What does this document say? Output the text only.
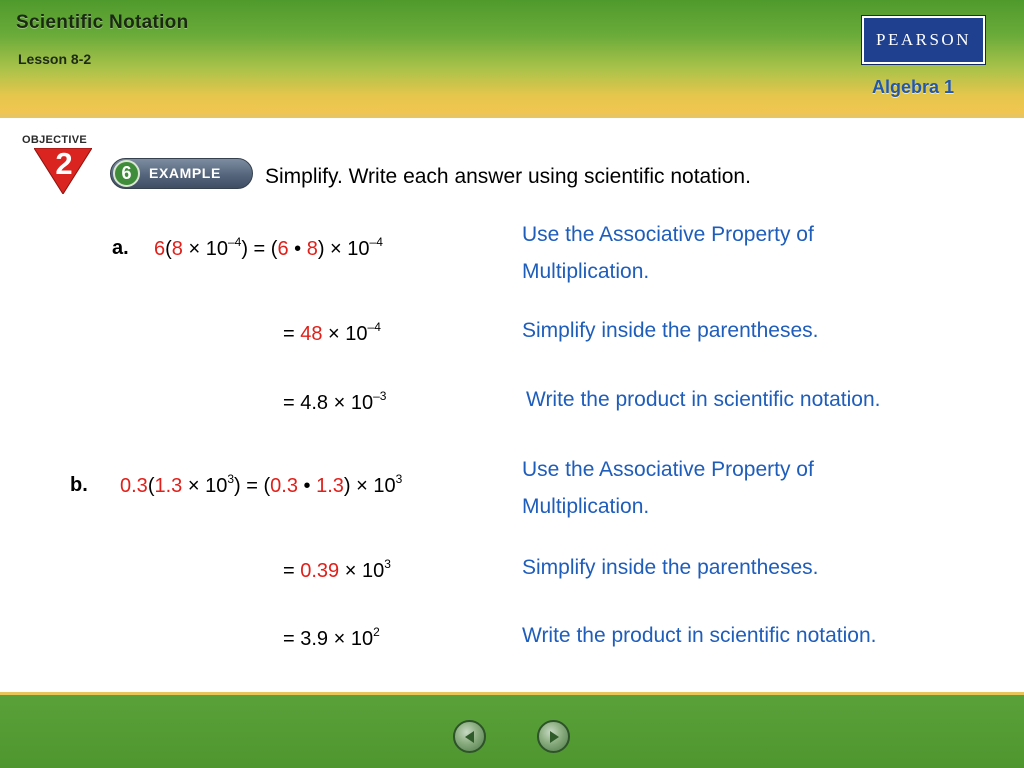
Scientific Notation
Lesson 8-2
PEARSON
Algebra 1
OBJECTIVE
2	6	EXAMPLE Simplify. Write each answer using scientific notation.
a. $6(8 \times 10^{-4}) = (6$ • $8) \times 10^{-4}$
= $48 \times 10^{-4}$
= $4.8 \times 10^{-3}$
Use the Associative Property of
Multiplication.
Simplify inside the parentheses.
Write the product in scientific notation.
b. $0.3(1.3 \times 10^3) = (0.3$ • $1.3) \times 10^3$
= $0.39 \times 10^3$
= $3.9 \times 10^2$
Use the Associative Property of
Multiplication.
Simplify inside the parentheses.
Write the product in scientific notation.
